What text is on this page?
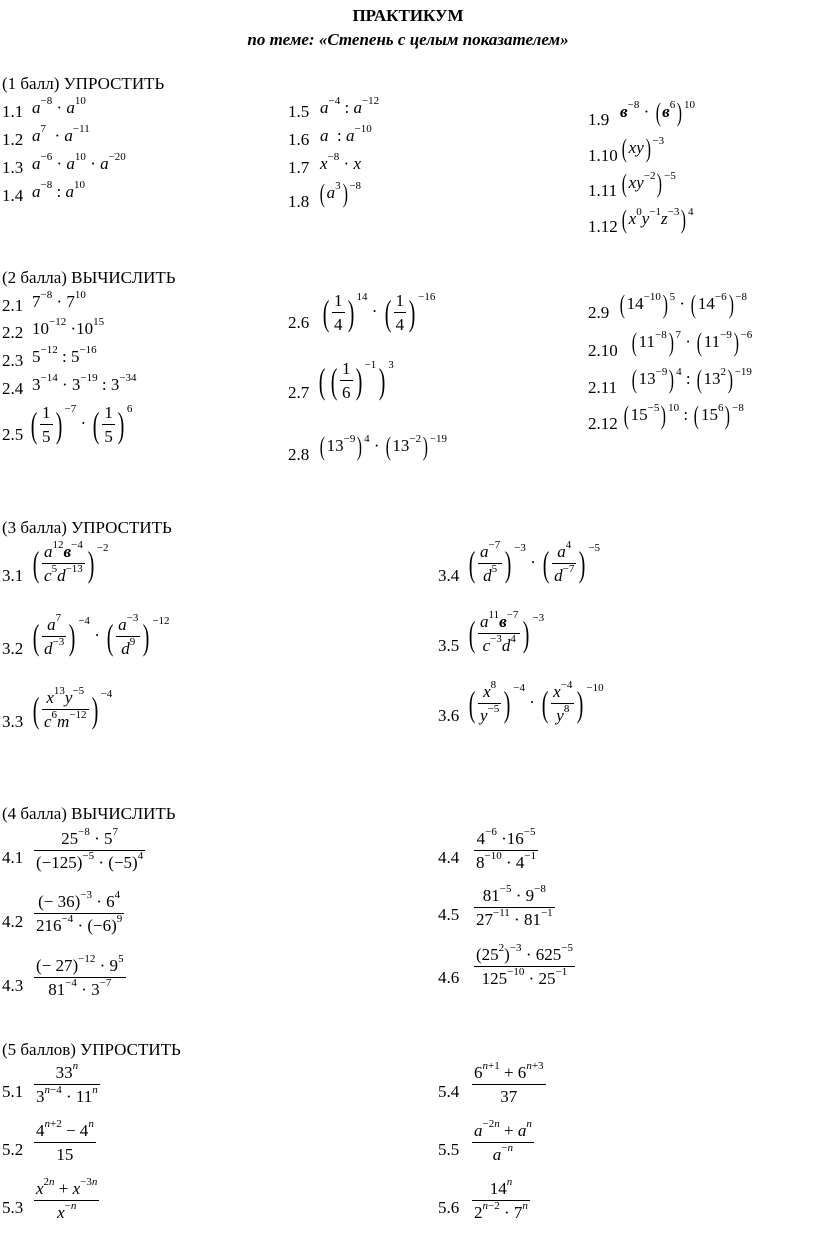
ПРАКТИКУМ
по теме: «Степень с целым показателем»
(1 балл) УПРОСТИТЬ
1.1 $a^{-8} \cdot a^{10}$
1.2 $a^7 \cdot a^{-11}$
1.3 $a^{-6} \cdot a^{10} \cdot a^{-20}$
1.4 $a^{-8}$ : $a^{10}$
1.5 $a^{-4}$ : $a^{-12}$
1.6 a  : $a^{-10}$
1.7 $x^{-8} \cdot x$
1.8 ( $a^3) -8$
1.9 $в^{-8}$ · ( $в^6$) 10
1.10 ( xy) −3
1.11 ( $xy^{-2}) -5$
1.12 ( $x^0y^{-1}z^{-3}$) 4
(2 балла) ВЫЧИСЛИТЬ
2.1 $7^{-8} \cdot 7^{10}$
2.2 $10^{-12} \cdot 10^{15}$
2.3 $5^{-12}$ : $5^{-16}$
2.4 $3^{-14} \cdot 3^{-19}$ : $3^{-34}$
2.5 ( $\frac{1}{5}$ ) −7 · ( $\frac{1}{5}$ ) 6
2.6 ( $\frac{1}{4}$ ) 14 · ( $\frac{1}{4}$ ) −16
2.7 ( ( $\frac{1}{6}$ ) −1) 3
2.8 ( $13^{-9}$) 4 · ( $13^{-2}) -19$
2.9 ( $14^{-10}$) 5 · ( $14^{-6}) -8$
2.10 ( $11^{-8}$) 7 · ( $11^{-9}) -6$
2.11 ( $13^{-9}$) 4 : ( $13^2) -19$
2.12 ( $15^{-5}$) 10 : ( $15^6) -8$
(3 балла) УПРОСТИТЬ
3.1 ( $\frac{a^{12}в^{-4}}{c^5d^{-13}}$ ) −2
3.2 ( $\frac{a^7}{d^{-3}}$ ) −4 · ( $\frac{a^{-3}}{d^9}$ ) −12
3.3 ( $\frac{x^{13}y^{-5}}{c^6m^{-12}}$ ) −4
3.4 ( $\frac{a^{-7}}{d^5}$ ) −3 · ( $\frac{a^4}{d^{-7}}$ ) −5
3.5 ( $\frac{a^{11}в^{-7}}{c^{-3}d^4}$ ) −3
3.6 ( $\frac{x^8}{y^{-5}}$ ) −4 · ( $\frac{x^{-4}}{y^8}$ ) −10
(4 балла) ВЫЧИСЛИТЬ
$4.1 \frac{25^{-8} \cdot 5^7}{(-125)^{-5} \cdot (-5)^4}$
$4.2 \frac{(- 36)^{-3} \cdot 6^4}{216^{-4} \cdot (-6)^9}$
$4.3 \frac{(- 27)^{-12} \cdot 9^5}{81^{-4} \cdot 3^{-7}}$
$4.4 \frac{4^{-6} \cdot 16^{-5}}{8^{-10} \cdot 4^{-1}}$
$4.5 \frac{81^{-5} \cdot 9^{-8}}{27^{-11} \cdot 81^{-1}}$
$4.6 \frac{(25^2)^{-3} \cdot 625^{-5}}{125^{-10} \cdot 25^{-1}}$
(5 баллов) УПРОСТИТЬ
$5.1 \frac{33^n}{3^{n-4} \cdot 11^n}$
$5.2 \frac{4^{n+2} - 4^n}{15}$
$5.3 \frac{x^{2n} + x^{-3n}}{x^{-n}}$
$5.4 \frac{6^{n+1} + 6^{n+3}}{37}$
$5.5 \frac{a^{-2n} + a^n}{a^{-n}}$
$5.6 \frac{14^n}{2^{n-2} \cdot 7^n}$
